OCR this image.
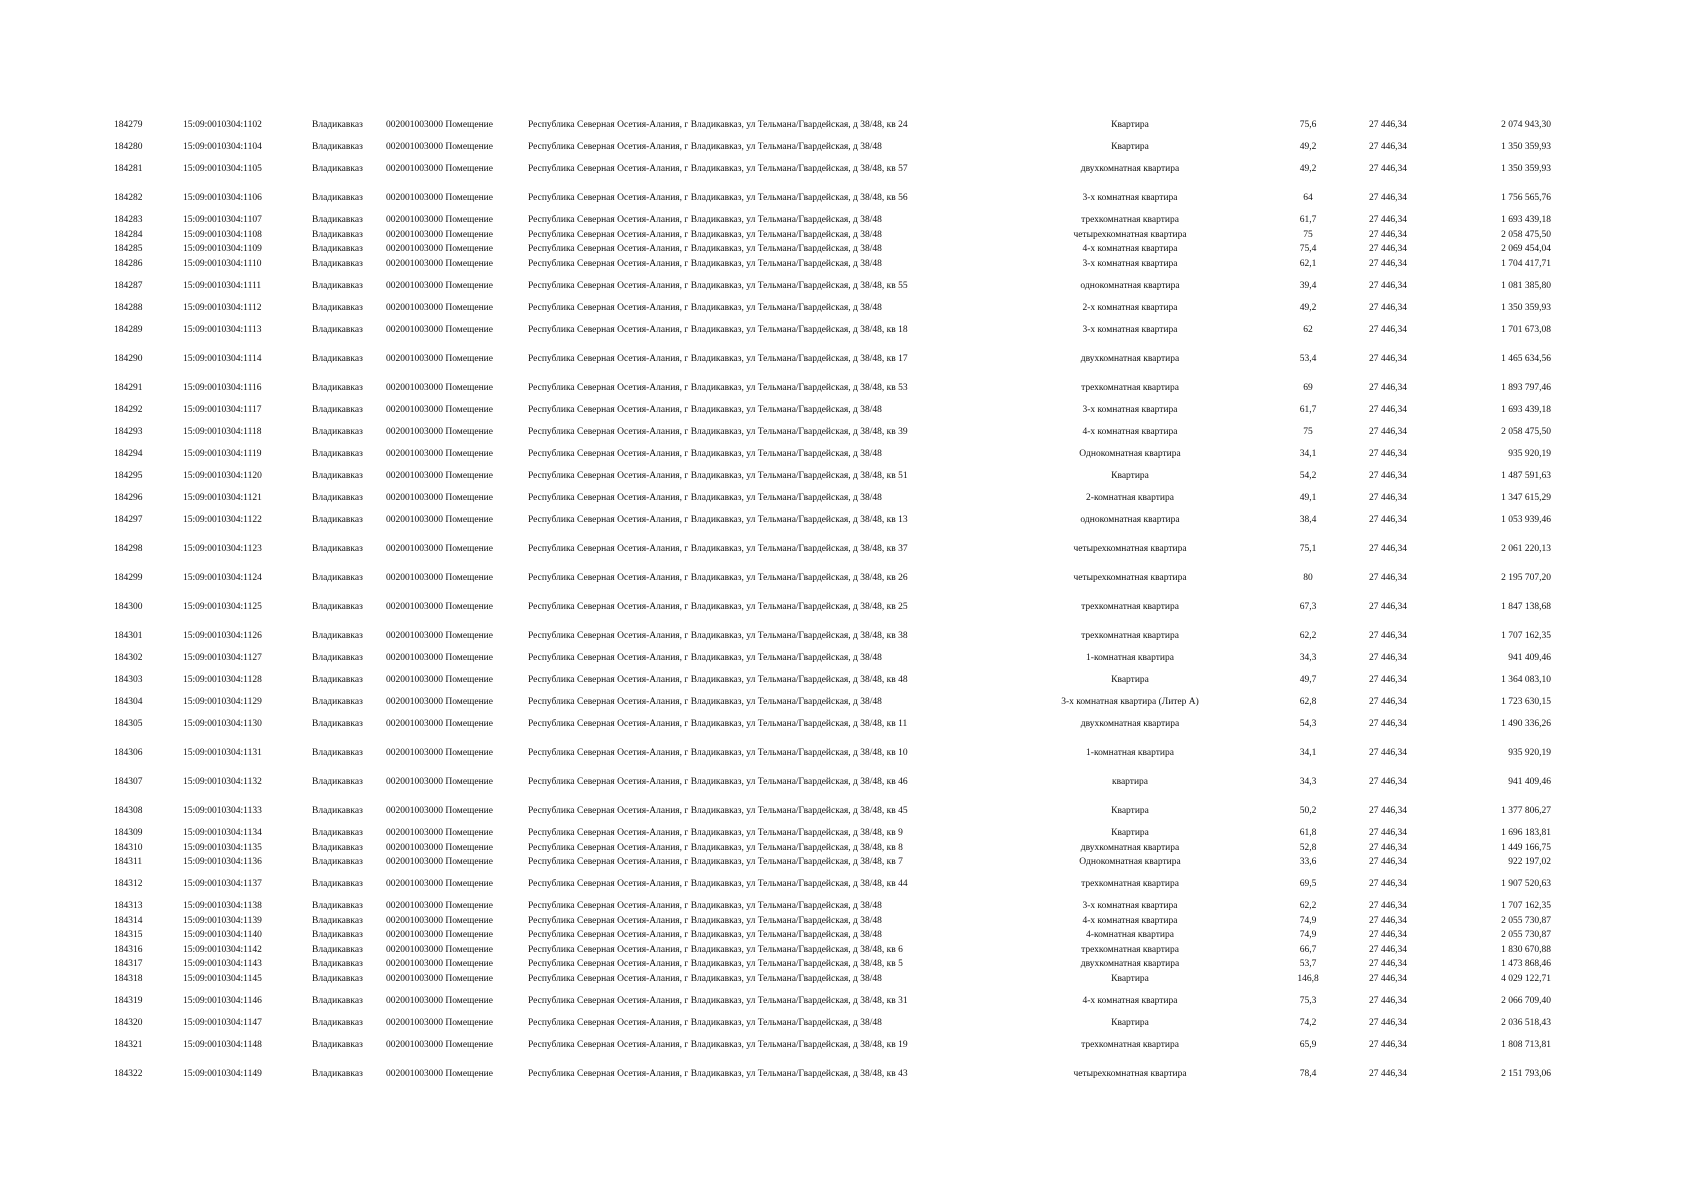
184279	15:09:0010304:1102	Владикавказ 002001003000 Помещение	Республика Северная Осетия-Алания, г Владикавказ, ул Тельмана/Гвардейская, д 38/48, кв 24	Квартира	75,6	27 446,34	2 074 943,30
184280	15:09:0010304:1104	Владикавказ 002001003000 Помещение	Республика Северная Осетия-Алания, г Владикавказ, ул Тельмана/Гвардейская, д 38/48	Квартира	49,2	27 446,34	1 350 359,93
184281	15:09:0010304:1105	Владикавказ 002001003000 Помещение	Республика Северная Осетия-Алания, г Владикавказ, ул Тельмана/Гвардейская, д 38/48, кв 57	двухкомнатная квартира	49,2	27 446,34	1 350 359,93
184282	15:09:0010304:1106	Владикавказ 002001003000 Помещение	Республика Северная Осетия-Алания, г Владикавказ, ул Тельмана/Гвардейская, д 38/48, кв 56	3-х комнатная квартира	64	27 446,34	1 756 565,76
184283	15:09:0010304:1107	Владикавказ 002001003000 Помещение	Республика Северная Осетия-Алания, г Владикавказ, ул Тельмана/Гвардейская, д 38/48	трехкомнатная квартира	61,7	27 446,34	1 693 439,18
184284	15:09:0010304:1108	Владикавказ 002001003000 Помещение	Республика Северная Осетия-Алания, г Владикавказ, ул Тельмана/Гвардейская, д 38/48	четырехкомнатная квартира	75	27 446,34	2 058 475,50
184285	15:09:0010304:1109	Владикавказ 002001003000 Помещение	Республика Северная Осетия-Алания, г Владикавказ, ул Тельмана/Гвардейская, д 38/48	4-х комнатная квартира	75,4	27 446,34	2 069 454,04
184286	15:09:0010304:1110	Владикавказ 002001003000 Помещение	Республика Северная Осетия-Алания, г Владикавказ, ул Тельмана/Гвардейская, д 38/48	3-х комнатная квартира	62,1	27 446,34	1 704 417,71
184287	15:09:0010304:1111	Владикавказ 002001003000 Помещение	Республика Северная Осетия-Алания, г Владикавказ, ул Тельмана/Гвардейская, д 38/48, кв 55	однокомнатная квартира	39,4	27 446,34	1 081 385,80
184288	15:09:0010304:1112	Владикавказ 002001003000 Помещение	Республика Северная Осетия-Алания, г Владикавказ, ул Тельмана/Гвардейская, д 38/48	2-х комнатная квартира	49,2	27 446,34	1 350 359,93
184289	15:09:0010304:1113	Владикавказ 002001003000 Помещение	Республика Северная Осетия-Алания, г Владикавказ, ул Тельмана/Гвардейская, д 38/48, кв 18	3-х комнатная квартира	62	27 446,34	1 701 673,08
184290	15:09:0010304:1114	Владикавказ 002001003000 Помещение	Республика Северная Осетия-Алания, г Владикавказ, ул Тельмана/Гвардейская, д 38/48, кв 17	двухкомнатная квартира	53,4	27 446,34	1 465 634,56
184291	15:09:0010304:1116	Владикавказ 002001003000 Помещение	Республика Северная Осетия-Алания, г Владикавказ, ул Тельмана/Гвардейская, д 38/48, кв 53	трехкомнатная квартира	69	27 446,34	1 893 797,46
184292	15:09:0010304:1117	Владикавказ 002001003000 Помещение	Республика Северная Осетия-Алания, г Владикавказ, ул Тельмана/Гвардейская, д 38/48	3-х комнатная квартира	61,7	27 446,34	1 693 439,18
184293	15:09:0010304:1118	Владикавказ 002001003000 Помещение	Республика Северная Осетия-Алания, г Владикавказ, ул Тельмана/Гвардейская, д 38/48, кв 39	4-х комнатная квартира	75	27 446,34	2 058 475,50
184294	15:09:0010304:1119	Владикавказ 002001003000 Помещение	Республика Северная Осетия-Алания, г Владикавказ, ул Тельмана/Гвардейская, д 38/48	Однокомнатная квартира	34,1	27 446,34	935 920,19
184295	15:09:0010304:1120	Владикавказ 002001003000 Помещение	Республика Северная Осетия-Алания, г Владикавказ, ул Тельмана/Гвардейская, д 38/48, кв 51	Квартира	54,2	27 446,34	1 487 591,63
184296	15:09:0010304:1121	Владикавказ 002001003000 Помещение	Республика Северная Осетия-Алания, г Владикавказ, ул Тельмана/Гвардейская, д 38/48	2-комнатная квартира	49,1	27 446,34	1 347 615,29
184297	15:09:0010304:1122	Владикавказ 002001003000 Помещение	Республика Северная Осетия-Алания, г Владикавказ, ул Тельмана/Гвардейская, д 38/48, кв 13	однокомнатная квартира	38,4	27 446,34	1 053 939,46
184298	15:09:0010304:1123	Владикавказ 002001003000 Помещение	Республика Северная Осетия-Алания, г Владикавказ, ул Тельмана/Гвардейская, д 38/48, кв 37	четырехкомнатная квартира	75,1	27 446,34	2 061 220,13
184299	15:09:0010304:1124	Владикавказ 002001003000 Помещение	Республика Северная Осетия-Алания, г Владикавказ, ул Тельмана/Гвардейская, д 38/48, кв 26	четырехкомнатная квартира	80	27 446,34	2 195 707,20
184300	15:09:0010304:1125	Владикавказ 002001003000 Помещение	Республика Северная Осетия-Алания, г Владикавказ, ул Тельмана/Гвардейская, д 38/48, кв 25	трехкомнатная квартира	67,3	27 446,34	1 847 138,68
184301	15:09:0010304:1126	Владикавказ 002001003000 Помещение	Республика Северная Осетия-Алания, г Владикавказ, ул Тельмана/Гвардейская, д 38/48, кв 38	трехкомнатная квартира	62,2	27 446,34	1 707 162,35
184302	15:09:0010304:1127	Владикавказ 002001003000 Помещение	Республика Северная Осетия-Алания, г Владикавказ, ул Тельмана/Гвардейская, д 38/48	1-комнатная квартира	34,3	27 446,34	941 409,46
184303	15:09:0010304:1128	Владикавказ 002001003000 Помещение	Республика Северная Осетия-Алания, г Владикавказ, ул Тельмана/Гвардейская, д 38/48, кв 48	Квартира	49,7	27 446,34	1 364 083,10
184304	15:09:0010304:1129	Владикавказ 002001003000 Помещение	Республика Северная Осетия-Алания, г Владикавказ, ул Тельмана/Гвардейская, д 38/48	3-х комнатная квартира (Литер А)	62,8	27 446,34	1 723 630,15
184305	15:09:0010304:1130	Владикавказ 002001003000 Помещение	Республика Северная Осетия-Алания, г Владикавказ, ул Тельмана/Гвардейская, д 38/48, кв 11	двухкомнатная квартира	54,3	27 446,34	1 490 336,26
184306	15:09:0010304:1131	Владикавказ 002001003000 Помещение	Республика Северная Осетия-Алания, г Владикавказ, ул Тельмана/Гвардейская, д 38/48, кв 10	1-комнатная квартира	34,1	27 446,34	935 920,19
184307	15:09:0010304:1132	Владикавказ 002001003000 Помещение	Республика Северная Осетия-Алания, г Владикавказ, ул Тельмана/Гвардейская, д 38/48, кв 46	квартира	34,3	27 446,34	941 409,46
184308	15:09:0010304:1133	Владикавказ 002001003000 Помещение	Республика Северная Осетия-Алания, г Владикавказ, ул Тельмана/Гвардейская, д 38/48, кв 45	Квартира	50,2	27 446,34	1 377 806,27
184309	15:09:0010304:1134	Владикавказ 002001003000 Помещение	Республика Северная Осетия-Алания, г Владикавказ, ул Тельмана/Гвардейская, д 38/48, кв 9	Квартира	61,8	27 446,34	1 696 183,81
184310	15:09:0010304:1135	Владикавказ 002001003000 Помещение	Республика Северная Осетия-Алания, г Владикавказ, ул Тельмана/Гвардейская, д 38/48, кв 8	двухкомнатная квартира	52,8	27 446,34	1 449 166,75
184311	15:09:0010304:1136	Владикавказ 002001003000 Помещение	Республика Северная Осетия-Алания, г Владикавказ, ул Тельмана/Гвардейская, д 38/48, кв 7	Однокомнатная квартира	33,6	27 446,34	922 197,02
184312	15:09:0010304:1137	Владикавказ 002001003000 Помещение	Республика Северная Осетия-Алания, г Владикавказ, ул Тельмана/Гвардейская, д 38/48, кв 44	трехкомнатная квартира	69,5	27 446,34	1 907 520,63
184313	15:09:0010304:1138	Владикавказ 002001003000 Помещение	Республика Северная Осетия-Алания, г Владикавказ, ул Тельмана/Гвардейская, д 38/48	3-х комнатная квартира	62,2	27 446,34	1 707 162,35
184314	15:09:0010304:1139	Владикавказ 002001003000 Помещение	Республика Северная Осетия-Алания, г Владикавказ, ул Тельмана/Гвардейская, д 38/48	4-х комнатная квартира	74,9	27 446,34	2 055 730,87
184315	15:09:0010304:1140	Владикавказ 002001003000 Помещение	Республика Северная Осетия-Алания, г Владикавказ, ул Тельмана/Гвардейская, д 38/48	4-комнатная квартира	74,9	27 446,34	2 055 730,87
184316	15:09:0010304:1142	Владикавказ 002001003000 Помещение	Республика Северная Осетия-Алания, г Владикавказ, ул Тельмана/Гвардейская, д 38/48, кв 6	трехкомнатная квартира	66,7	27 446,34	1 830 670,88
184317	15:09:0010304:1143	Владикавказ 002001003000 Помещение	Республика Северная Осетия-Алания, г Владикавказ, ул Тельмана/Гвардейская, д 38/48, кв 5	двухкомнатная квартира	53,7	27 446,34	1 473 868,46
184318	15:09:0010304:1145	Владикавказ 002001003000 Помещение	Республика Северная Осетия-Алания, г Владикавказ, ул Тельмана/Гвардейская, д 38/48	Квартира	146,8	27 446,34	4 029 122,71
184319	15:09:0010304:1146	Владикавказ 002001003000 Помещение	Республика Северная Осетия-Алания, г Владикавказ, ул Тельмана/Гвардейская, д 38/48, кв 31	4-х комнатная квартира	75,3	27 446,34	2 066 709,40
184320	15:09:0010304:1147	Владикавказ 002001003000 Помещение	Республика Северная Осетия-Алания, г Владикавказ, ул Тельмана/Гвардейская, д 38/48	Квартира	74,2	27 446,34	2 036 518,43
184321	15:09:0010304:1148	Владикавказ 002001003000 Помещение	Республика Северная Осетия-Алания, г Владикавказ, ул Тельмана/Гвардейская, д 38/48, кв 19	трехкомнатная квартира	65,9	27 446,34	1 808 713,81
184322	15:09:0010304:1149	Владикавказ 002001003000 Помещение	Республика Северная Осетия-Алания, г Владикавказ, ул Тельмана/Гвардейская, д 38/48, кв 43	четырехкомнатная квартира	78,4	27 446,34	2 151 793,06
